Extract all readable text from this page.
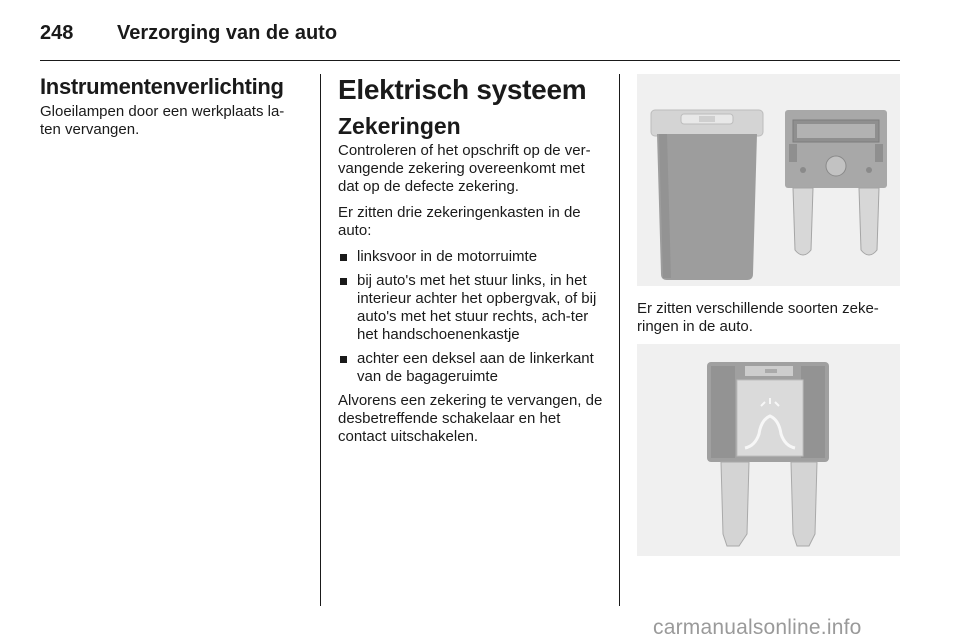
248	Verzorging van de auto
Instrumentenverlichting

Gloeilampen door een werkplaats la-ten vervangen.

Elektrisch systeem
Zekeringen

Controleren of het opschrift op de ver-vangende zekering overeenkomt met dat op de defecte zekering.

Er zitten drie zekeringenkasten in de auto:

linksvoor in de motorruimte
bij auto's met het stuur links, in het interieur achter het opbergvak, of bij auto's met het stuur rechts, ach-ter het handschoenenkastje
achter een deksel aan de linkerkant van de bagageruimte

Alvorens een zekering te vervangen, de desbetreffende schakelaar en het contact uitschakelen.

Er zitten verschillende soorten zeke-ringen in de auto.

carmanualsonline.info
